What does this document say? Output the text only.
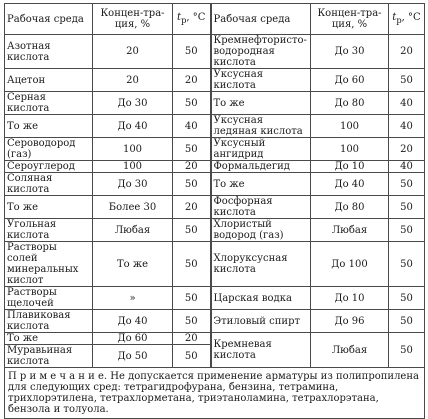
Рабочая среда	Концен-трация, %	$t_p$, °C	Рабочая среда	Концен-трация, %	$t_p$, °C
Азотная кислота	20	50	Кремнефтористоводородная кислота	До 30	20
Ацетон	20	20	Уксусная кислота	До 60	50
Серная кислота	До 30	50	То же	До 80	40
То же	До 40	40	Уксусная ледяная кислота	100	40
Сероводород (газ)	100	50	Уксусный ангидрид	100	20
Сероуглерод	100	20	Формальдегид	До 10	40
Соляная кислота	До 30	50	То же	До 40	50
То же	Более 30	20	Фосфорная кислота	До 80	50
Угольная кислота	Любая	50	Хлористый водород (газ)	Любая	50
Растворы солей минеральных кислот	То же	50	Хлоруксусная кислота	До 100	50
Растворы щелочей	»	50	Царская водка	До 10	50
Плавиковая кислота	До 40	50	Этиловый спирт	До 96	50
То же	До 60	20	Кремневая кислота	Любая	50
Муравьиная кислота	До 50	50			
П р и м е ч а н и е. Не допускается применение арматуры из полипропилена для следующих сред: тетрагидрофурана, бензина, тетрамина, трихлорэтилена, тетрахлорметана, триэтаноламина, тетрахлорэтана, бензола и толуола.					
